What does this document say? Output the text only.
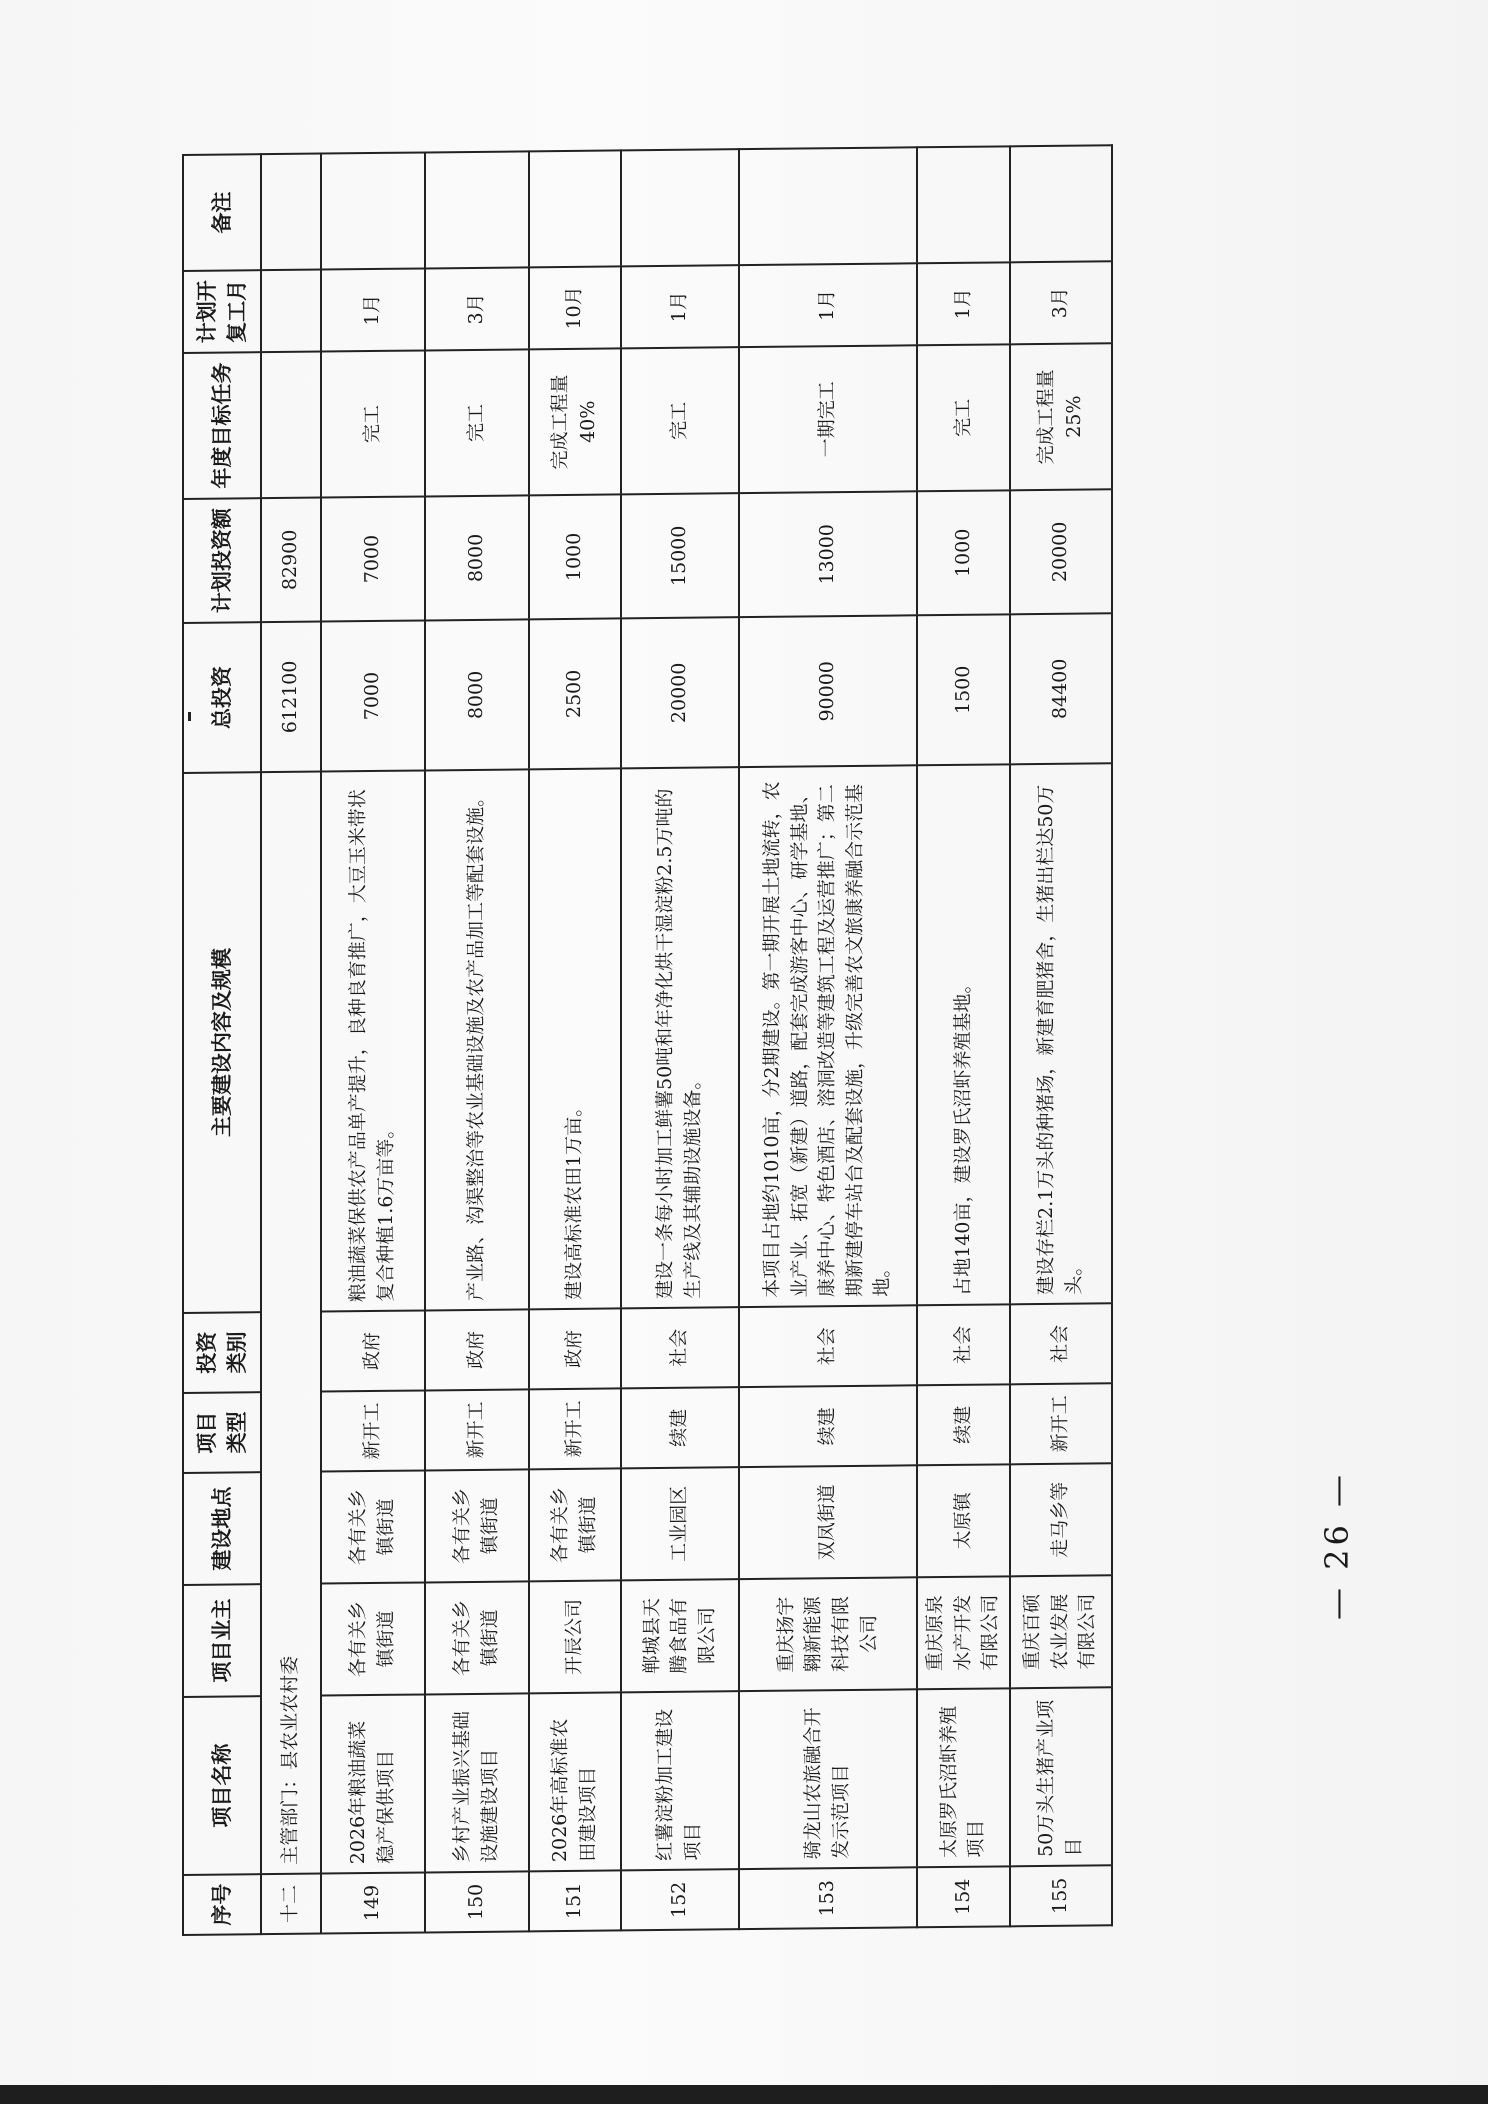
序号	项目名称	项目业主	建设地点	项目类型	投资类别	主要建设内容及规模	总投资	计划投资额	年度目标任务	计划开复工月	备注
十二	主管部门：县农业农村委						612100	82900			
149	2026年粮油蔬菜稳产保供项目	各有关乡镇街道	各有关乡镇街道	新开工	政府	粮油蔬菜保供农产品单产提升，良种良育推广，大豆玉米带状复合种植1.6万亩等。	7000	7000	完工	1月	
150	乡村产业振兴基础设施建设项目	各有关乡镇街道	各有关乡镇街道	新开工	政府	产业路、沟渠整治等农业基础设施及农产品加工等配套设施。	8000	8000	完工	3月	
151	2026年高标准农田建设项目	开辰公司	各有关乡镇街道	新开工	政府	建设高标准农田1万亩。	2500	1000	完成工程量40%	10月	
152	红薯淀粉加工建设项目	郸城县天腾食品有限公司	工业园区	续建	社会	建设一条每小时加工鲜薯50吨和年净化烘干湿淀粉2.5万吨的生产线及其辅助设施设备。	20000	15000	完工	1月	
153	骑龙山农旅融合开发示范项目	重庆扬宇翱新能源科技有限公司	双凤街道	续建	社会	本项目占地约1010亩，分2期建设。第一期开展土地流转，农业产业、拓宽（新建）道路，配套完成游客中心、研学基地、康养中心、特色酒店、溶洞改造等建筑工程及运营推广；第二期新建停车站台及配套设施，升级完善农文旅康养融合示范基地。	90000	13000	一期完工	1月	
154	太原罗氏沼虾养殖项目	重庆原泉水产开发有限公司	太原镇	续建	社会	占地140亩，建设罗氏沼虾养殖基地。	1500	1000	完工	1月	
155	50万头生猪产业项目	重庆百硕农业发展有限公司	走马乡等	新开工	社会	建设存栏2.1万头的种猪场，新建育肥猪舍，生猪出栏达50万头。	84400	20000	完成工程量25%	3月	
— 26 —
